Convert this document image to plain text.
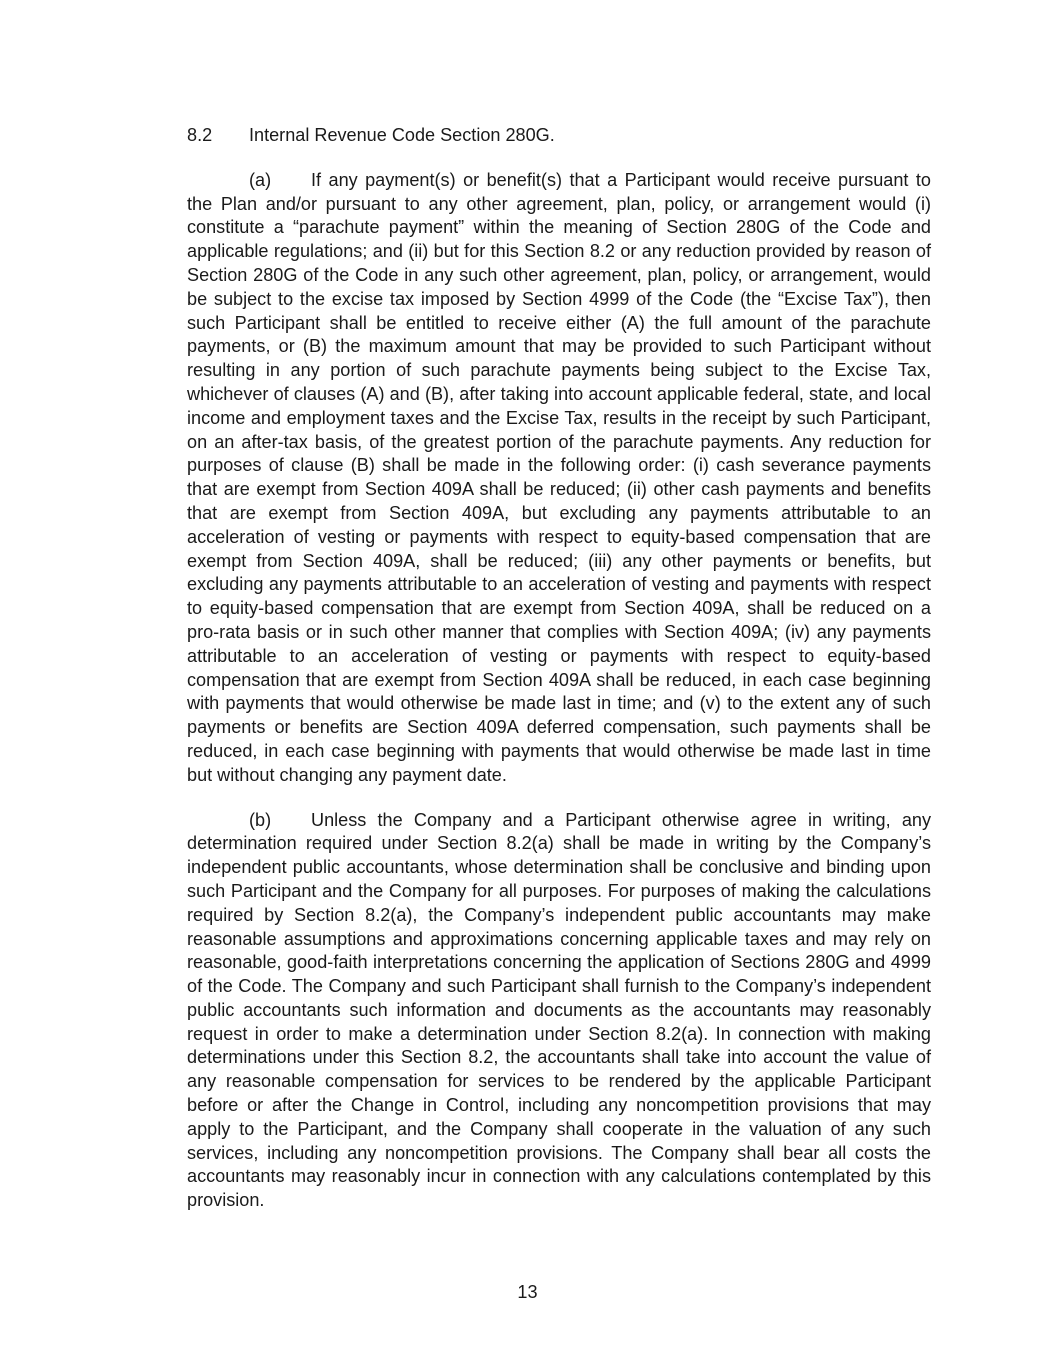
8.2 Internal Revenue Code Section 280G.

(a) If any payment(s) or benefit(s) that a Participant would receive pursuant to the Plan and/or pursuant to any other agreement, plan, policy, or arrangement would (i) constitute a “parachute payment” within the meaning of Section 280G of the Code and applicable regulations; and (ii) but for this Section 8.2 or any reduction provided by reason of Section 280G of the Code in any such other agreement, plan, policy, or arrangement, would be subject to the excise tax imposed by Section 4999 of the Code (the “Excise Tax”), then such Participant shall be entitled to receive either (A) the full amount of the parachute payments, or (B) the maximum amount that may be provided to such Participant without resulting in any portion of such parachute payments being subject to the Excise Tax, whichever of clauses (A) and (B), after taking into account applicable federal, state, and local income and employment taxes and the Excise Tax, results in the receipt by such Participant, on an after-tax basis, of the greatest portion of the parachute payments. Any reduction for purposes of clause (B) shall be made in the following order: (i) cash severance payments that are exempt from Section 409A shall be reduced; (ii) other cash payments and benefits that are exempt from Section 409A, but excluding any payments attributable to an acceleration of vesting or payments with respect to equity-based compensation that are exempt from Section 409A, shall be reduced; (iii) any other payments or benefits, but excluding any payments attributable to an acceleration of vesting and payments with respect to equity-based compensation that are exempt from Section 409A, shall be reduced on a pro-rata basis or in such other manner that complies with Section 409A; (iv) any payments attributable to an acceleration of vesting or payments with respect to equity-based compensation that are exempt from Section 409A shall be reduced, in each case beginning with payments that would otherwise be made last in time; and (v) to the extent any of such payments or benefits are Section 409A deferred compensation, such payments shall be reduced, in each case beginning with payments that would otherwise be made last in time but without changing any payment date.

(b) Unless the Company and a Participant otherwise agree in writing, any determination required under Section 8.2(a) shall be made in writing by the Company’s independent public accountants, whose determination shall be conclusive and binding upon such Participant and the Company for all purposes. For purposes of making the calculations required by Section 8.2(a), the Company’s independent public accountants may make reasonable assumptions and approximations concerning applicable taxes and may rely on reasonable, good-faith interpretations concerning the application of Sections 280G and 4999 of the Code. The Company and such Participant shall furnish to the Company’s independent public accountants such information and documents as the accountants may reasonably request in order to make a determination under Section 8.2(a). In connection with making determinations under this Section 8.2, the accountants shall take into account the value of any reasonable compensation for services to be rendered by the applicable Participant before or after the Change in Control, including any noncompetition provisions that may apply to the Participant, and the Company shall cooperate in the valuation of any such services, including any noncompetition provisions. The Company shall bear all costs the accountants may reasonably incur in connection with any calculations contemplated by this provision.

13
